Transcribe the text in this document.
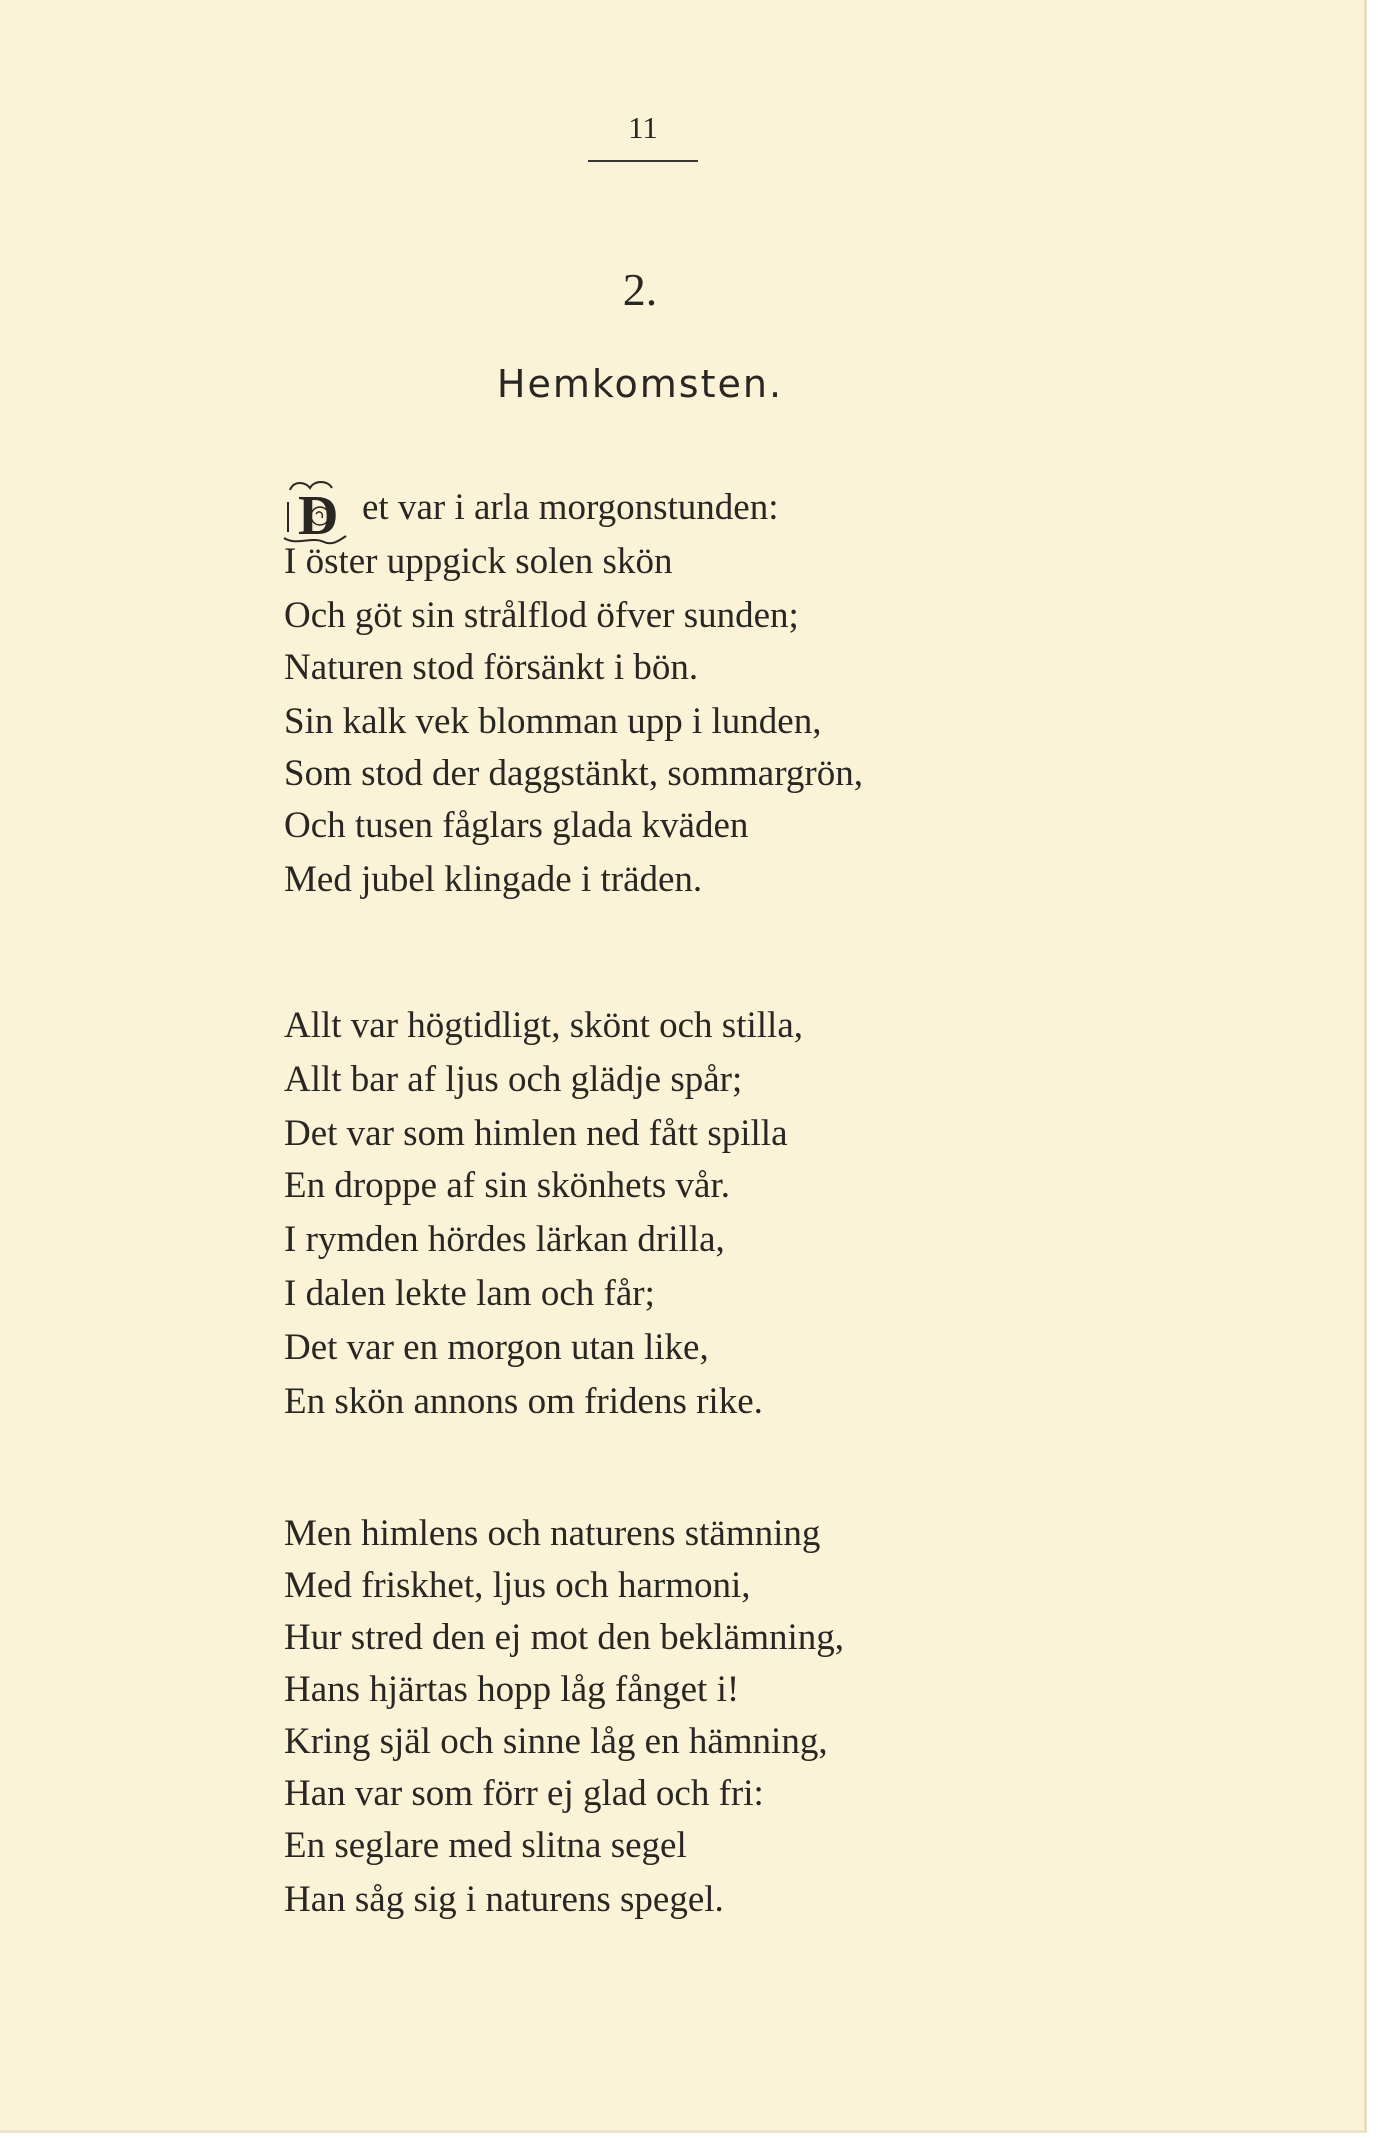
11
2.
Hemkomsten.
D et var i arla morgonstunden:
I öster uppgick solen skön
Och göt sin strålflod öfver sunden;
Naturen stod försänkt i bön.
Sin kalk vek blomman upp i lunden,
Som stod der daggstänkt, sommargrön,
Och tusen fåglars glada kväden
Med jubel klingade i träden.
Allt var högtidligt, skönt och stilla,
Allt bar af ljus och glädje spår;
Det var som himlen ned fått spilla
En droppe af sin skönhets vår.
I rymden hördes lärkan drilla,
I dalen lekte lam och får;
Det var en morgon utan like,
En skön annons om fridens rike.
Men himlens och naturens stämning
Med friskhet, ljus och harmoni,
Hur stred den ej mot den beklämning,
Hans hjärtas hopp låg fånget i!
Kring själ och sinne låg en hämning,
Han var som förr ej glad och fri:
En seglare med slitna segel
Han såg sig i naturens spegel.
